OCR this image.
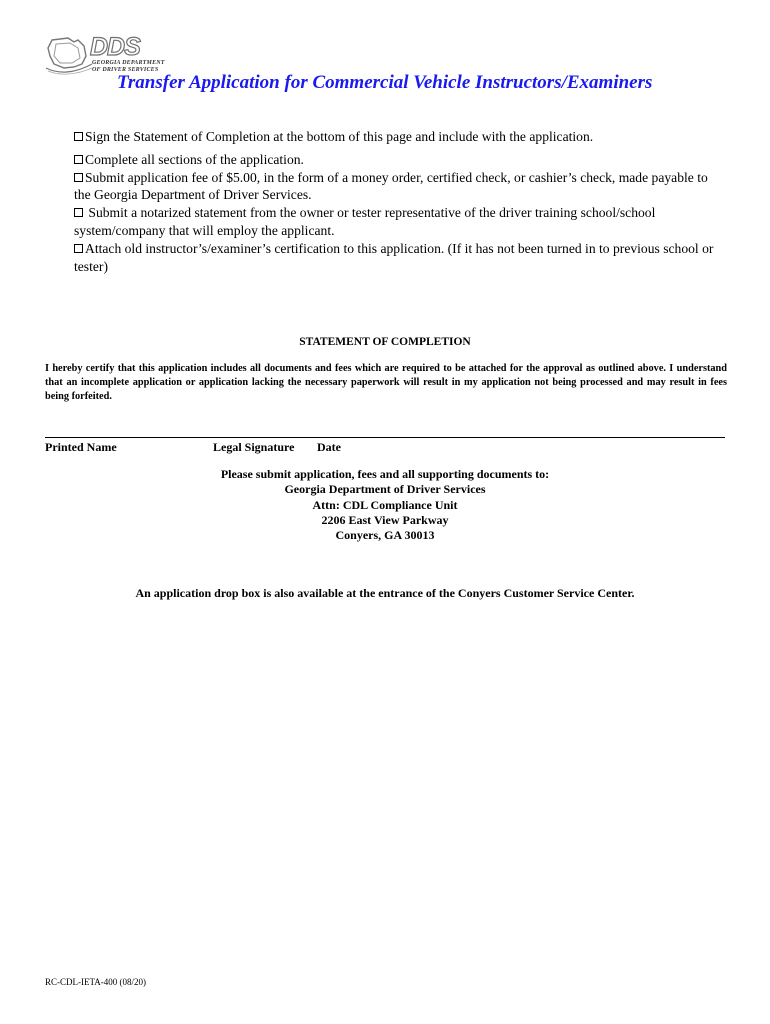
DDS
GEORGIA DEPARTMENT
OF DRIVER SERVICES
Transfer Application for Commercial Vehicle Instructors/Examiners

Sign the Statement of Completion at the bottom of this page and include with the application.

Complete all sections of the application.

Submit application fee of $5.00, in the form of a money order, certified check, or cashier’s check, made payable to the Georgia Department of Driver Services.

Submit a notarized statement from the owner or tester representative of the driver training school/school system/company that will employ the applicant.

Attach old instructor’s/examiner’s certification to this application. (If it has not been turned in to previous school or tester)

STATEMENT OF COMPLETION
I hereby certify that this application includes all documents and fees which are required to be attached for the approval as outlined above. I understand that an incomplete application or application lacking the necessary paperwork will result in my application not being processed and may result in fees being forfeited.
Printed Name	Legal Signature Date
Please submit application, fees and all supporting documents to:
Georgia Department of Driver Services
Attn: CDL Compliance Unit
2206 East View Parkway
Conyers, GA 30013
An application drop box is also available at the entrance of the Conyers Customer Service Center.
RC-CDL-IETA-400 (08/20)
